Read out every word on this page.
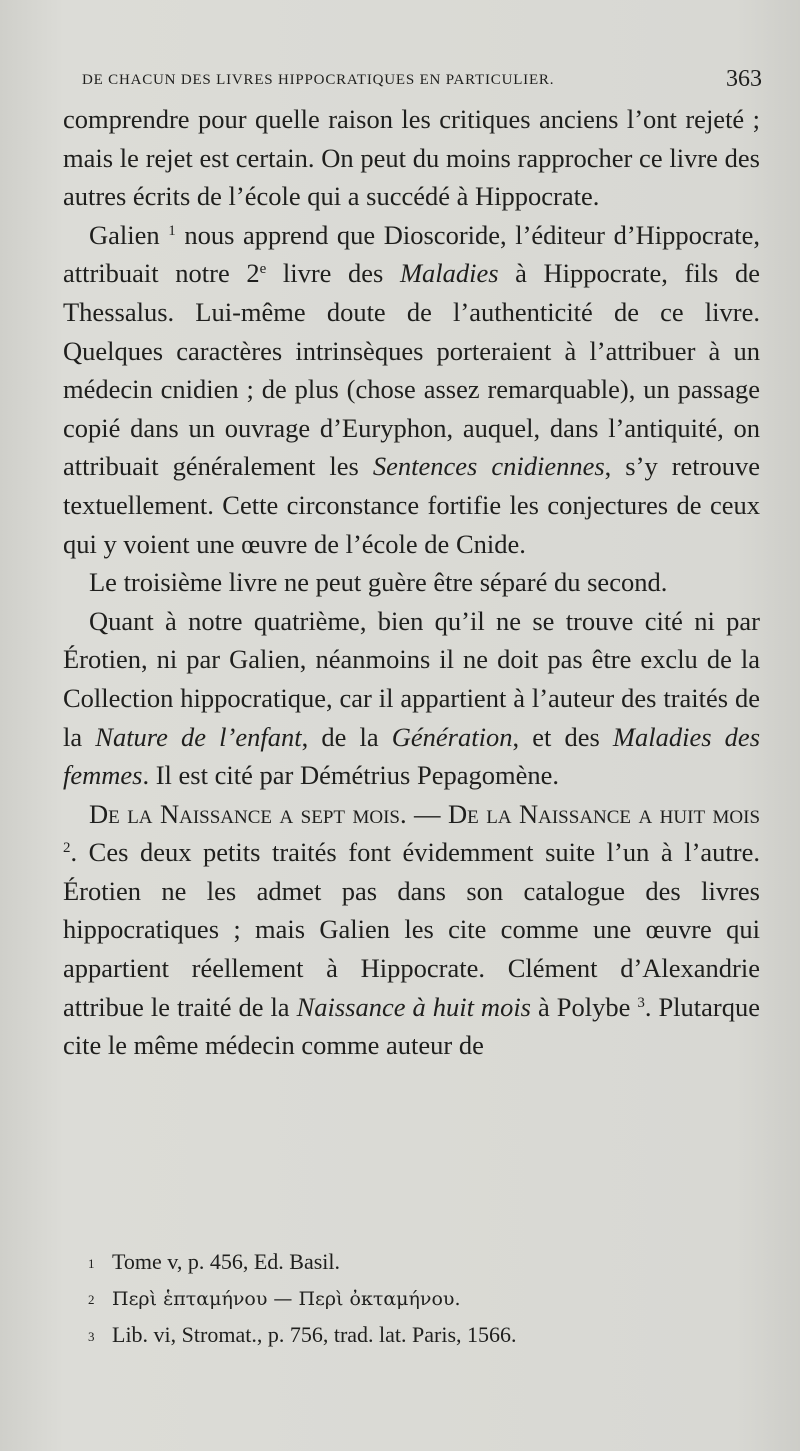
DE CHACUN DES LIVRES HIPPOCRATIQUES EN PARTICULIER.	363

comprendre pour quelle raison les critiques anciens l’ont rejeté ; mais le rejet est certain. On peut du moins rapprocher ce livre des autres écrits de l’école qui a succédé à Hippocrate.

Galien $^1$ nous apprend que Dioscoride, l’éditeur d’Hippocrate, attribuait notre 2e livre des Maladies à Hippocrate, fils de Thessalus. Lui-même doute de l’authenticité de ce livre. Quelques caractères intrinsèques porteraient à l’attribuer à un médecin cnidien ; de plus (chose assez remarquable), un passage copié dans un ouvrage d’Euryphon, auquel, dans l’antiquité, on attribuait généralement les Sentences cnidiennes, s’y retrouve textuellement. Cette circonstance fortifie les conjectures de ceux qui y voient une œuvre de l’école de Cnide.

Le troisième livre ne peut guère être séparé du second.

Quant à notre quatrième, bien qu’il ne se trouve cité ni par Érotien, ni par Galien, néanmoins il ne doit pas être exclu de la Collection hippocratique, car il appartient à l’auteur des traités de la Nature de l’enfant, de la Génération, et des Maladies des femmes. Il est cité par Démétrius Pepagomène.

De la Naissance a sept mois. — De la Naissance a huit mois $^2$. Ces deux petits traités font évidemment suite l’un à l’autre. Érotien ne les admet pas dans son catalogue des livres hippocratiques ; mais Galien les cite comme une œuvre qui appartient réellement à Hippocrate. Clément d’Alexandrie attribue le traité de la Naissance à huit mois à Polybe $^3$. Plutarque cite le même médecin comme auteur de

1 Tome v, p. 456, Ed. Basil.
2 Περὶ ἑπταμήνου — Περὶ ὀκταμήνου.
3 Lib. vi, Stromat., p. 756, trad. lat. Paris, 1566.
